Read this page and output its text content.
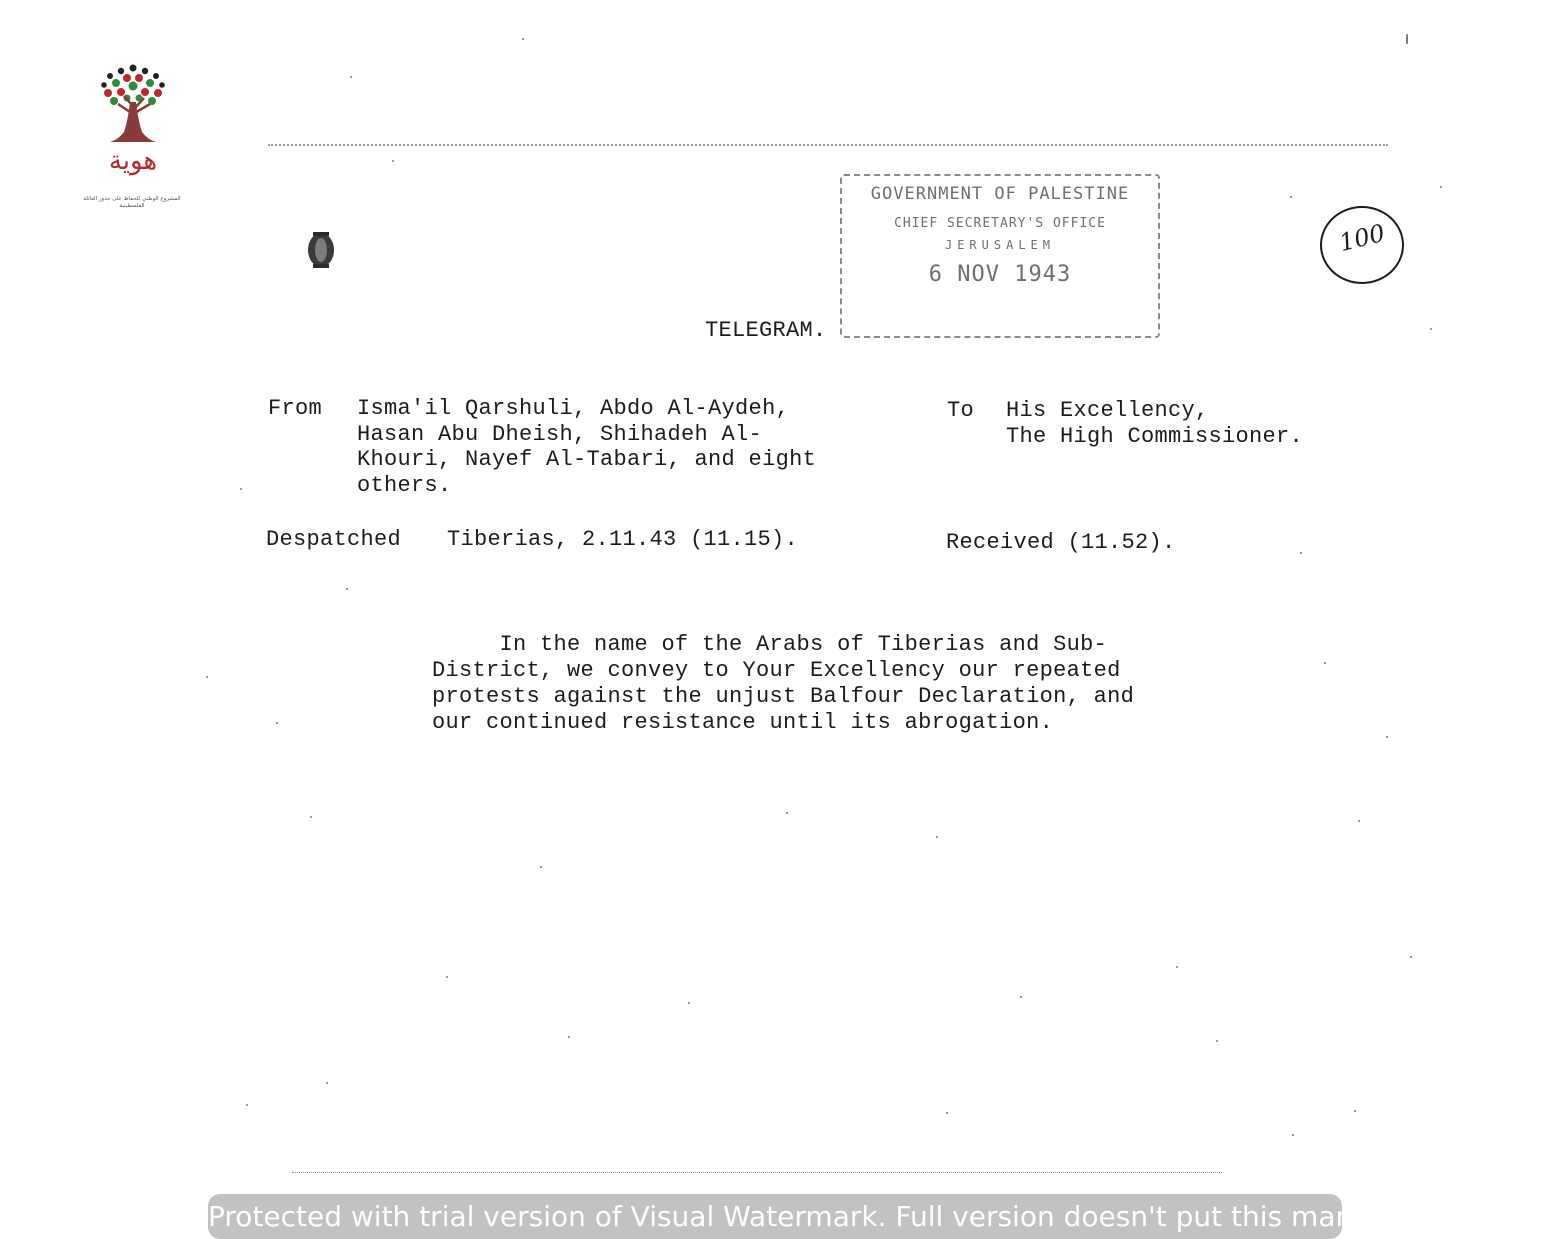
هوية
المشروع الوطني للحفاظ على جذور العائلة الفلسطينية
GOVERNMENT OF PALESTINE
CHIEF SECRETARY'S OFFICE
JERUSALEM
6 NOV 1943
100
TELEGRAM.
From Isma'il Qarshuli, Abdo Al-Aydeh,
Hasan Abu Dheish, Shihadeh Al-
Khouri, Nayef Al-Tabari, and eight
others.
To His Excellency,
The High Commissioner.
Despatched Tiberias, 2.11.43 (11.15).	Received (11.52).
In the name of the Arabs of Tiberias and Sub-
District, we convey to Your Excellency our repeated
protests against the unjust Balfour Declaration, and
our continued resistance until its abrogation.
Protected with trial version of Visual Watermark. Full version doesn't put this mark.
